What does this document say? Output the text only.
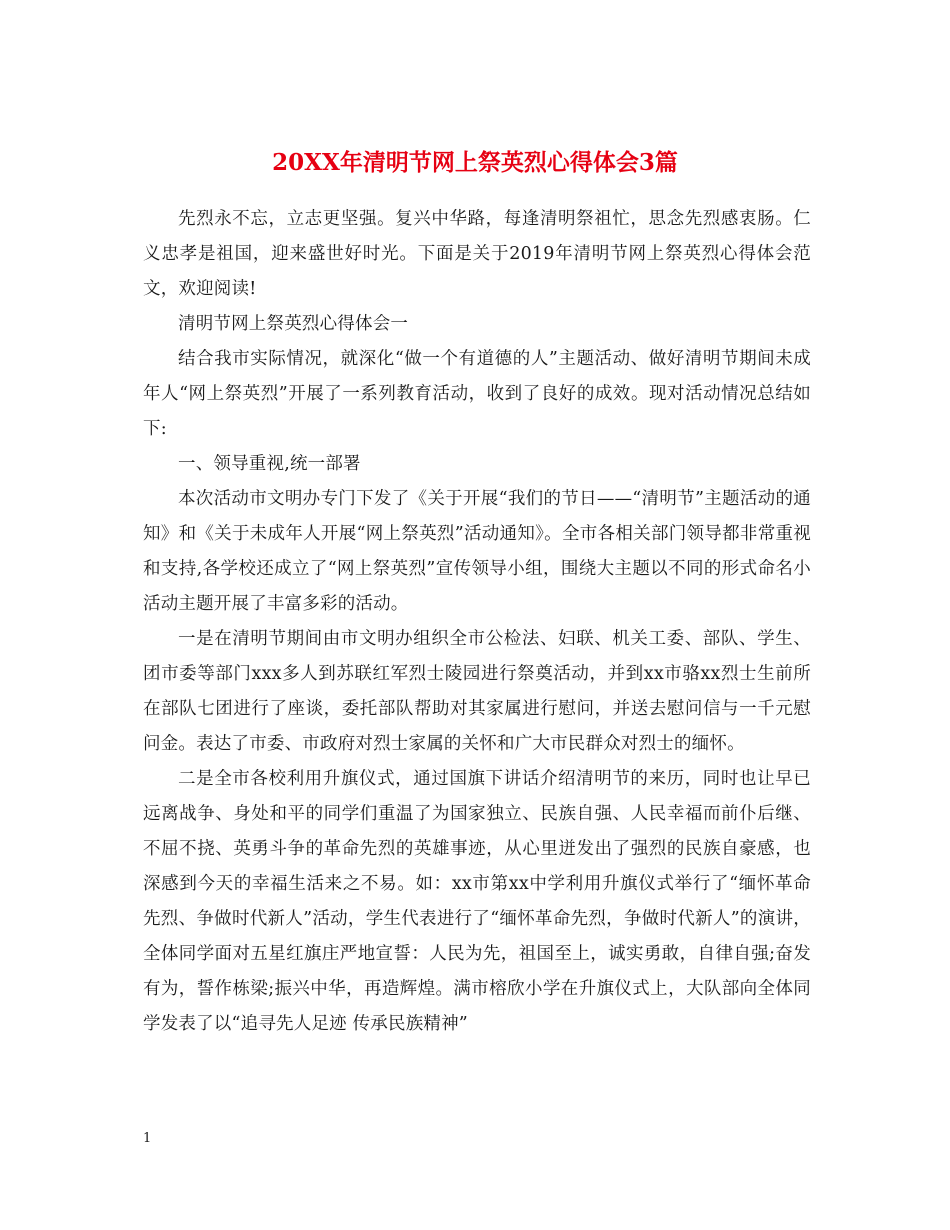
20XX年清明节网上祭英烈心得体会3篇

先烈永不忘，立志更坚强。复兴中华路，每逢清明祭祖忙，思念先烈感衷肠。仁义忠孝是祖国，迎来盛世好时光。下面是关于2019年清明节网上祭英烈心得体会范文，欢迎阅读!

清明节网上祭英烈心得体会一

结合我市实际情况，就深化“做一个有道德的人”主题活动、做好清明节期间未成年人“网上祭英烈”开展了一系列教育活动，收到了良好的成效。现对活动情况总结如下:

一、领导重视,统一部署

本次活动市文明办专门下发了《关于开展“我们的节日——“清明节”主题活动的通知》和《关于未成年人开展“网上祭英烈”活动通知》。全市各相关部门领导都非常重视和支持,各学校还成立了“网上祭英烈”宣传领导小组，围绕大主题以不同的形式命名小活动主题开展了丰富多彩的活动。

一是在清明节期间由市文明办组织全市公检法、妇联、机关工委、部队、学生、团市委等部门xxx多人到苏联红军烈士陵园进行祭奠活动，并到xx市骆xx烈士生前所在部队七团进行了座谈，委托部队帮助对其家属进行慰问，并送去慰问信与一千元慰问金。表达了市委、市政府对烈士家属的关怀和广大市民群众对烈士的缅怀。

二是全市各校利用升旗仪式，通过国旗下讲话介绍清明节的来历，同时也让早已远离战争、身处和平的同学们重温了为国家独立、民族自强、人民幸福而前仆后继、不屈不挠、英勇斗争的革命先烈的英雄事迹，从心里迸发出了强烈的民族自豪感，也深感到今天的幸福生活来之不易。如：xx市第xx中学利用升旗仪式举行了“缅怀革命先烈、争做时代新人”活动，学生代表进行了“缅怀革命先烈，争做时代新人”的演讲，全体同学面对五星红旗庄严地宣誓：人民为先，祖国至上，诚实勇敢，自律自强;奋发有为，誓作栋梁;振兴中华，再造辉煌。满市榕欣小学在升旗仪式上，大队部向全体同学发表了以“追寻先人足迹 传承民族精神”

1
